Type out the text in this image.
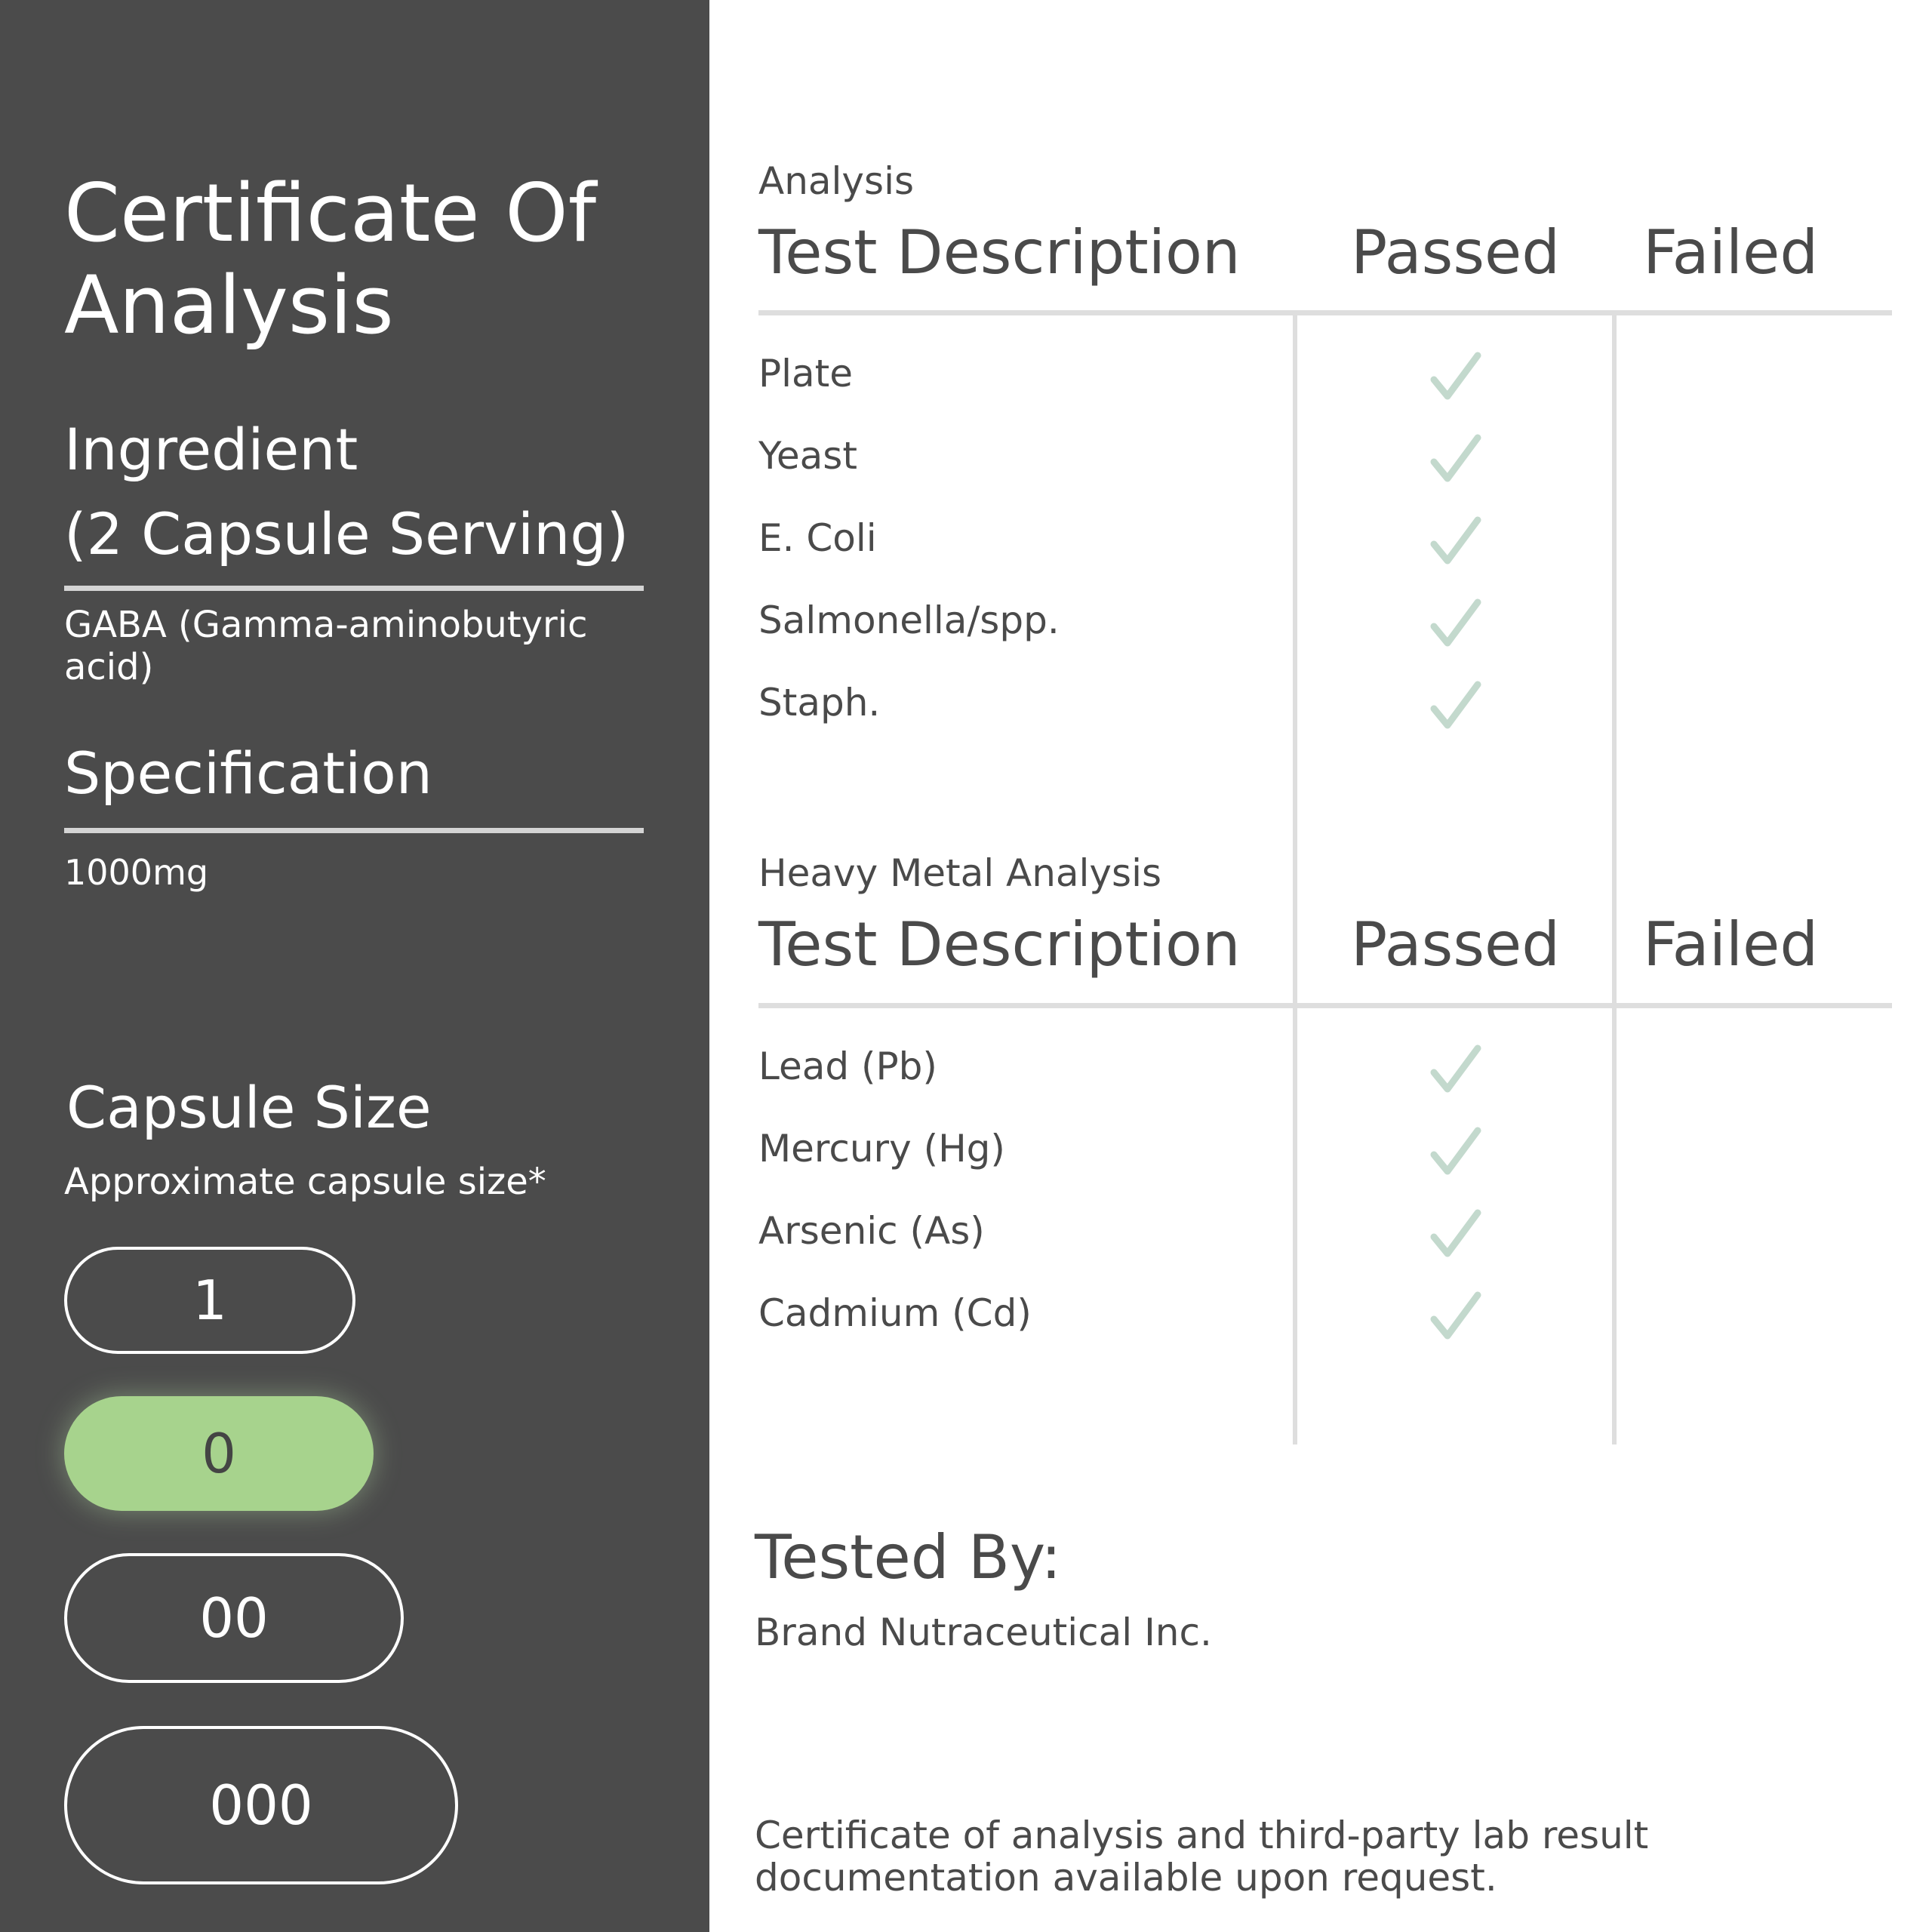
Certificate Of Analysis
Ingredient
(2 Capsule Serving)
GABA (Gamma-aminobutyric acid)
Specification
1000mg
Capsule Size
Approximate capsule size*
1
0
00
000
Analysis
Test Description Passed Failed
Plate
Yeast
E. Coli
Salmonella/spp.
Staph.
Heavy Metal Analysis
Test Description Passed Failed
Lead (Pb)
Mercury (Hg)
Arsenic (As)
Cadmium (Cd)
Tested By:
Brand Nutraceutical Inc.
Certificate of analysis and third-party lab result documentation available upon request.
